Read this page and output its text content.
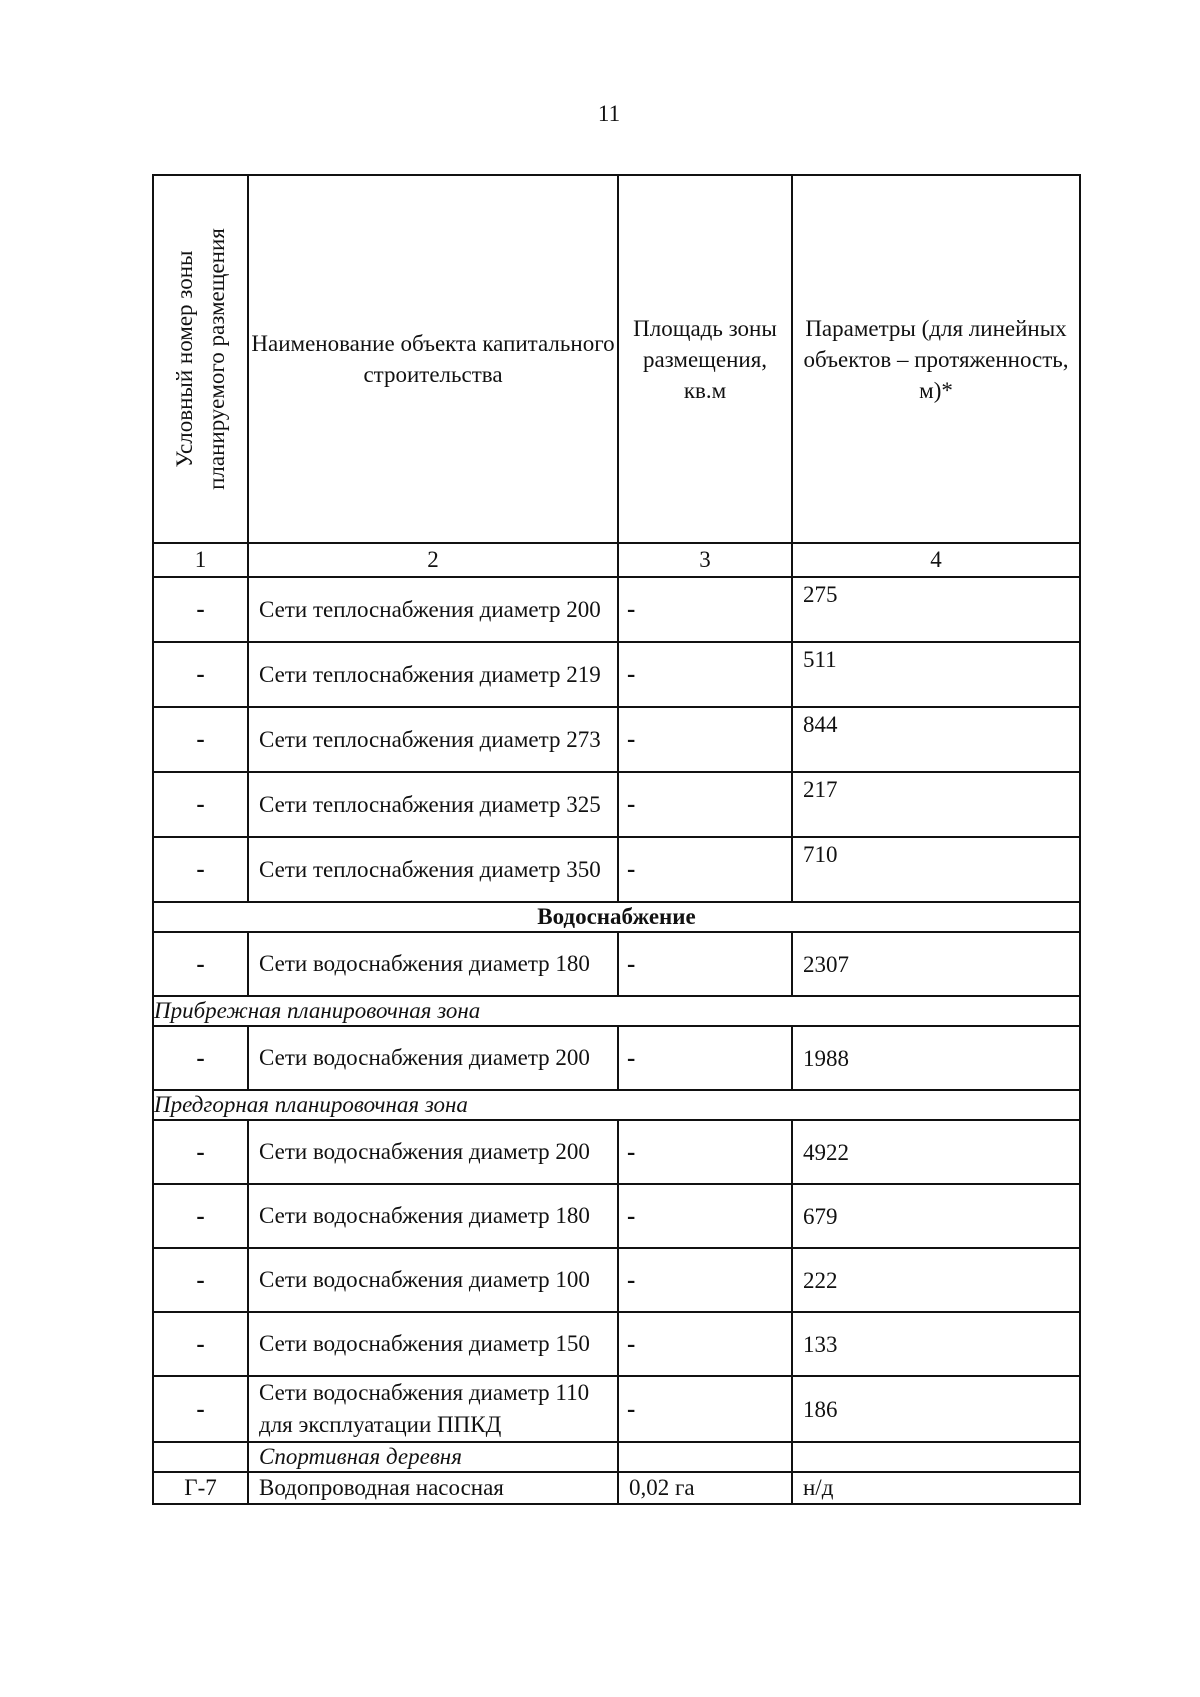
11
Условный номер зоны планируемого размещения	Наименование объекта капитального строительства	Площадь зоны размещения, кв.м	Параметры (для линейных объектов – протяженность, м)*
1	2	3	4
-	Сети теплоснабжения диаметр 200	-	275
-	Сети теплоснабжения диаметр 219	-	511
-	Сети теплоснабжения диаметр 273	-	844
-	Сети теплоснабжения диаметр 325	-	217
-	Сети теплоснабжения диаметр 350	-	710
Водоснабжение			
-	Сети водоснабжения диаметр 180	-	2307
Прибрежная планировочная зона			
-	Сети водоснабжения диаметр 200	-	1988
Предгорная планировочная зона			
-	Сети водоснабжения диаметр 200	-	4922
-	Сети водоснабжения диаметр 180	-	679
-	Сети водоснабжения диаметр 100	-	222
-	Сети водоснабжения диаметр 150	-	133
-	Сети водоснабжения диаметр 110 для эксплуатации ППКД	-	186
	Спортивная деревня		
Г-7	Водопроводная насосная	0,02 га	н/д
